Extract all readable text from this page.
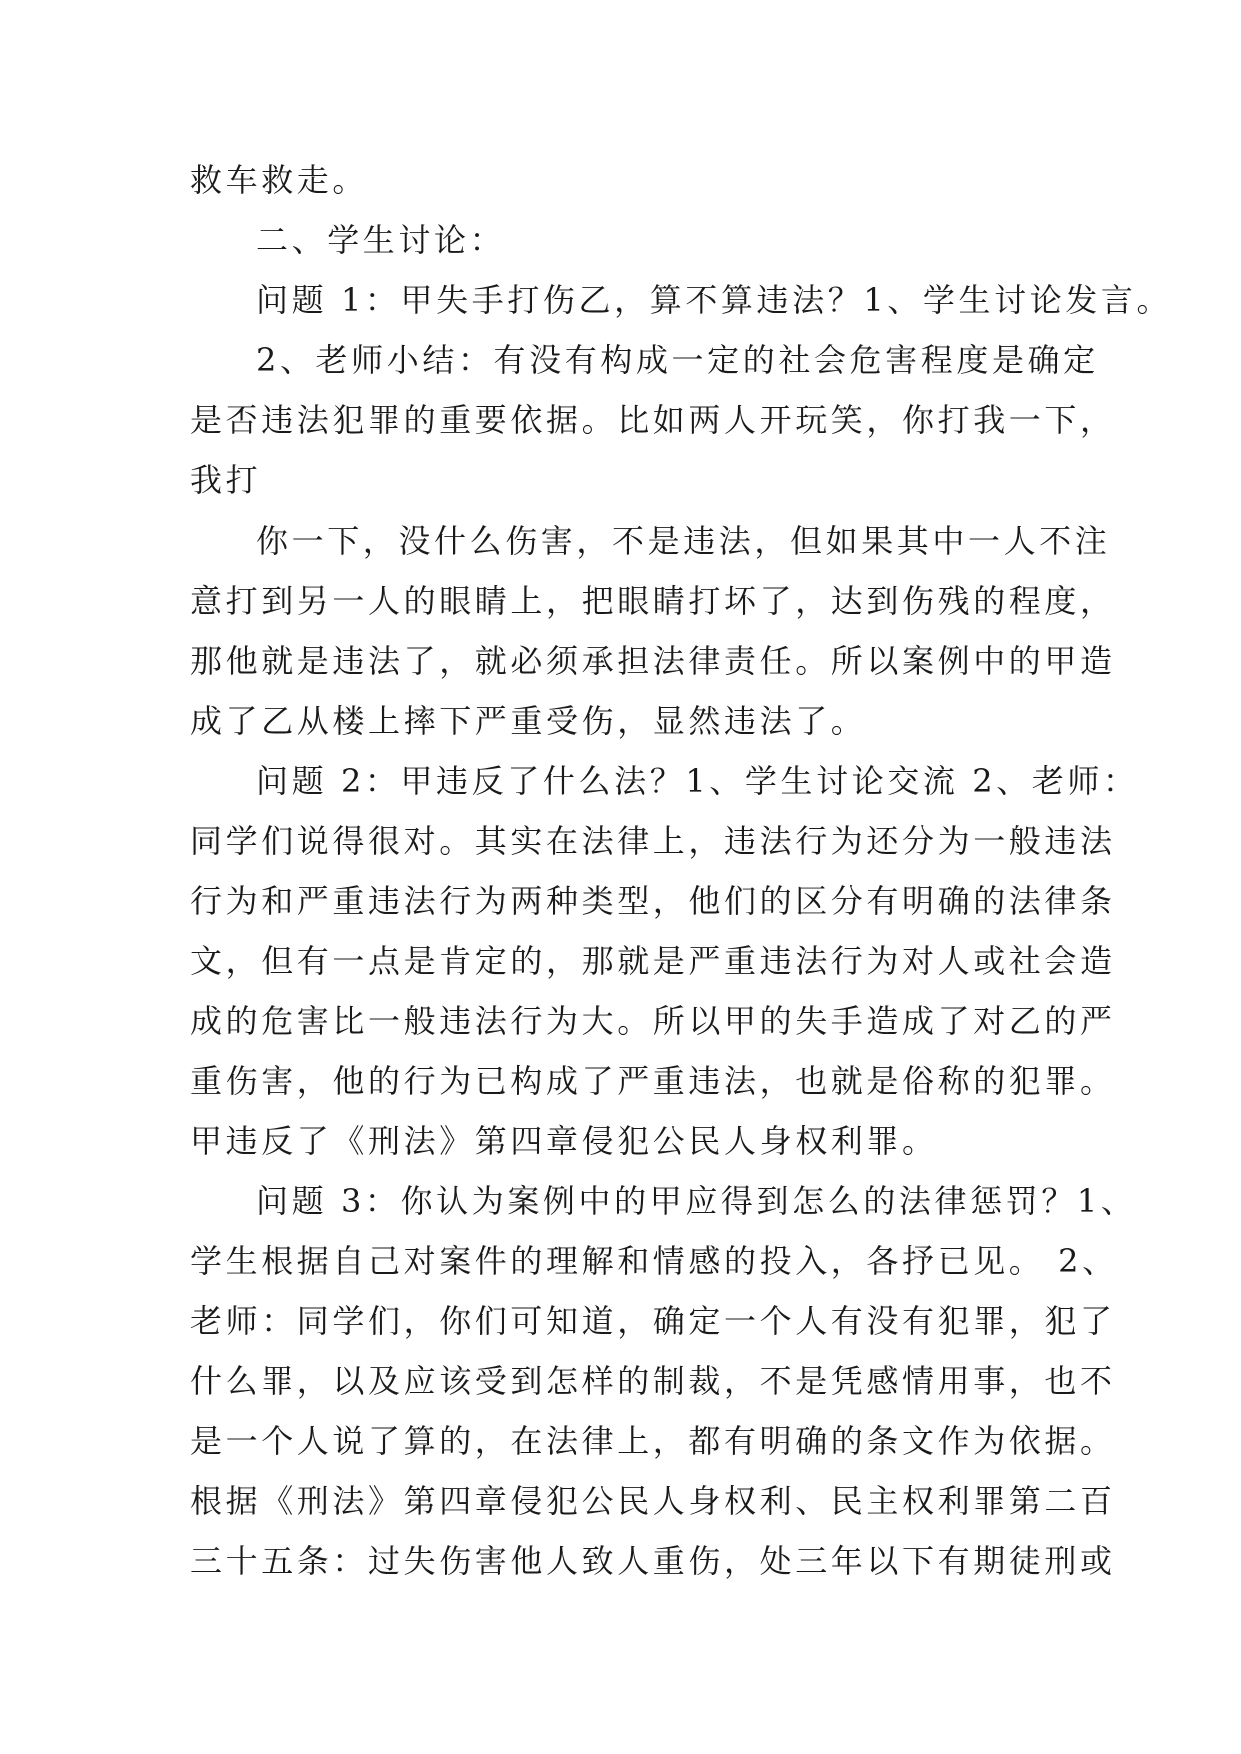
救车救走。
二、学生讨论：
问题 1：甲失手打伤乙，算不算违法？1、学生讨论发言。
2、老师小结：有没有构成一定的社会危害程度是确定
是否违法犯罪的重要依据。比如两人开玩笑，你打我一下，
我打
你一下，没什么伤害，不是违法，但如果其中一人不注
意打到另一人的眼睛上，把眼睛打坏了，达到伤残的程度，
那他就是违法了，就必须承担法律责任。所以案例中的甲造
成了乙从楼上摔下严重受伤，显然违法了。
问题 2：甲违反了什么法？1、学生讨论交流 2、老师：
同学们说得很对。其实在法律上，违法行为还分为一般违法
行为和严重违法行为两种类型，他们的区分有明确的法律条
文，但有一点是肯定的，那就是严重违法行为对人或社会造
成的危害比一般违法行为大。所以甲的失手造成了对乙的严
重伤害，他的行为已构成了严重违法，也就是俗称的犯罪。
甲违反了《刑法》第四章侵犯公民人身权利罪。
问题 3：你认为案例中的甲应得到怎么的法律惩罚？1、
学生根据自己对案件的理解和情感的投入，各抒已见。 2、
老师：同学们，你们可知道，确定一个人有没有犯罪，犯了
什么罪，以及应该受到怎样的制裁，不是凭感情用事，也不
是一个人说了算的，在法律上，都有明确的条文作为依据。
根据《刑法》第四章侵犯公民人身权利、民主权利罪第二百
三十五条：过失伤害他人致人重伤，处三年以下有期徒刑或
